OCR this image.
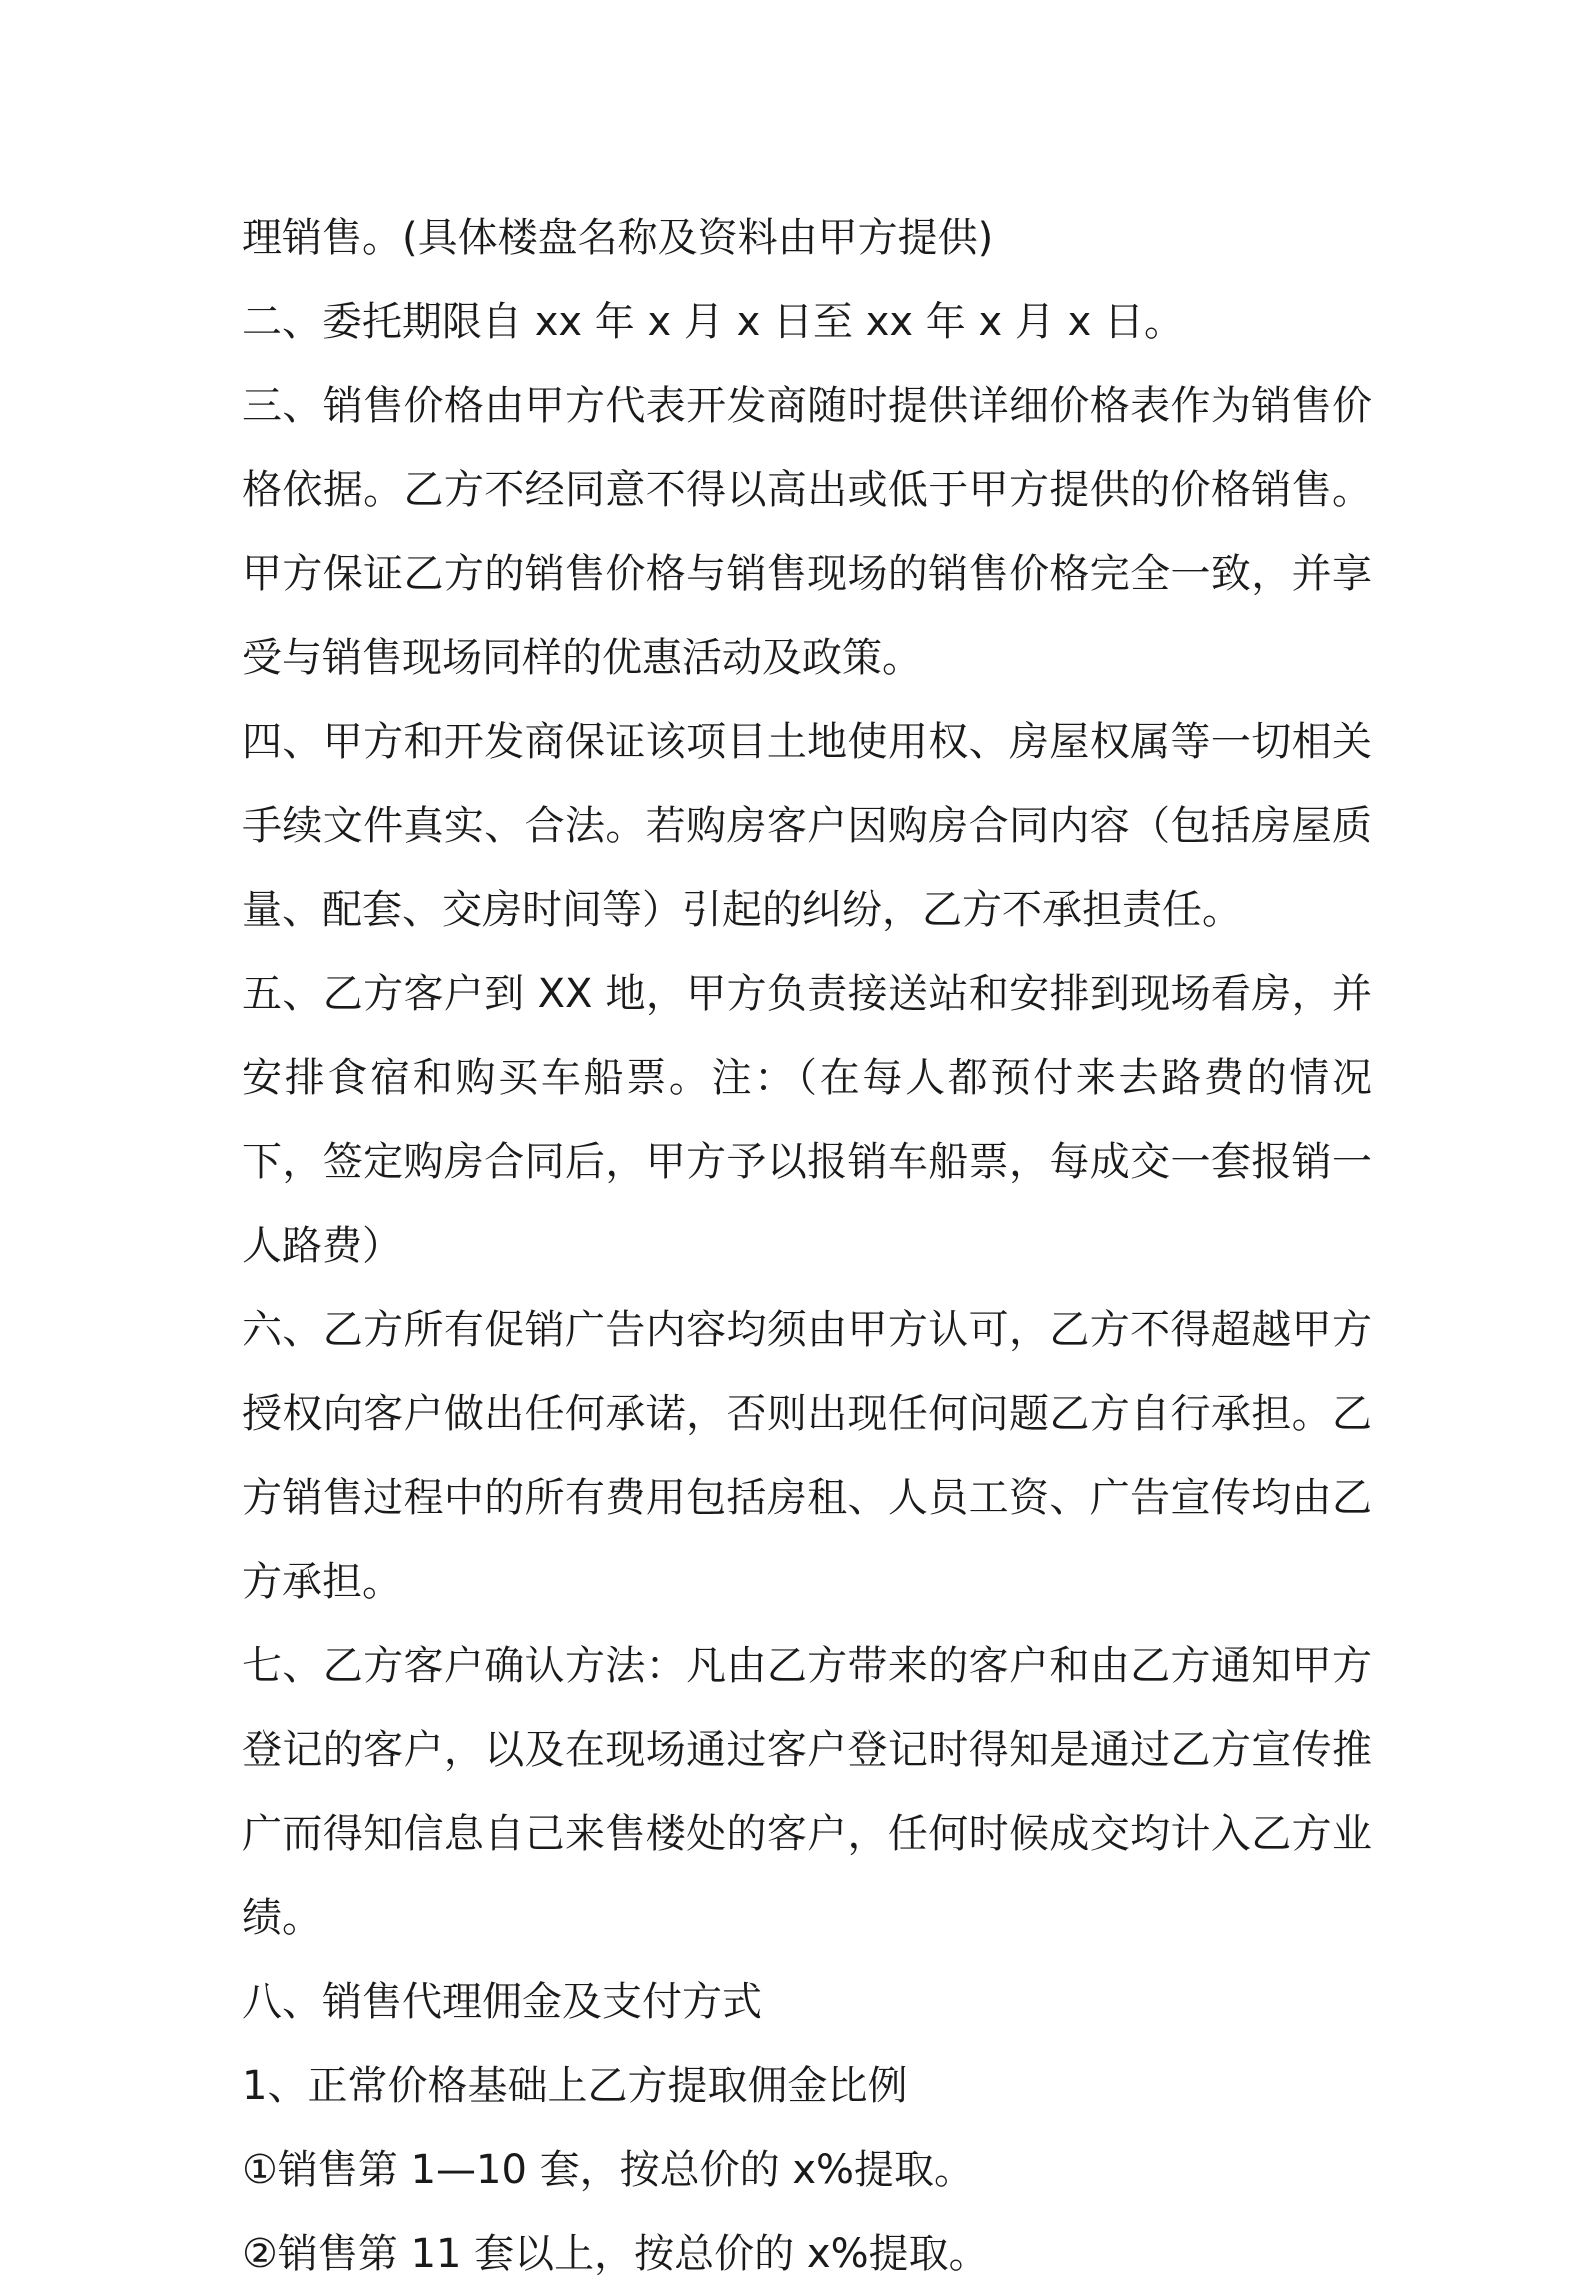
理销售。(具体楼盘名称及资料由甲方提供)

二、委托期限自 xx 年 x 月 x 日至 xx 年 x 月 x 日。

三、销售价格由甲方代表开发商随时提供详细价格表作为销售价格依据。乙方不经同意不得以高出或低于甲方提供的价格销售。甲方保证乙方的销售价格与销售现场的销售价格完全一致，并享受与销售现场同样的优惠活动及政策。

四、甲方和开发商保证该项目土地使用权、房屋权属等一切相关手续文件真实、合法。若购房客户因购房合同内容（包括房屋质量、配套、交房时间等）引起的纠纷，乙方不承担责任。

五、乙方客户到 XX 地，甲方负责接送站和安排到现场看房，并安排食宿和购买车船票。注：（在每人都预付来去路费的情况下，签定购房合同后，甲方予以报销车船票，每成交一套报销一人路费）

六、乙方所有促销广告内容均须由甲方认可，乙方不得超越甲方授权向客户做出任何承诺，否则出现任何问题乙方自行承担。乙方销售过程中的所有费用包括房租、人员工资、广告宣传均由乙方承担。

七、乙方客户确认方法：凡由乙方带来的客户和由乙方通知甲方登记的客户，以及在现场通过客户登记时得知是通过乙方宣传推广而得知信息自己来售楼处的客户，任何时候成交均计入乙方业绩。

八、销售代理佣金及支付方式

1、正常价格基础上乙方提取佣金比例

①销售第 1—10 套，按总价的 x%提取。

②销售第 11 套以上，按总价的 x%提取。
